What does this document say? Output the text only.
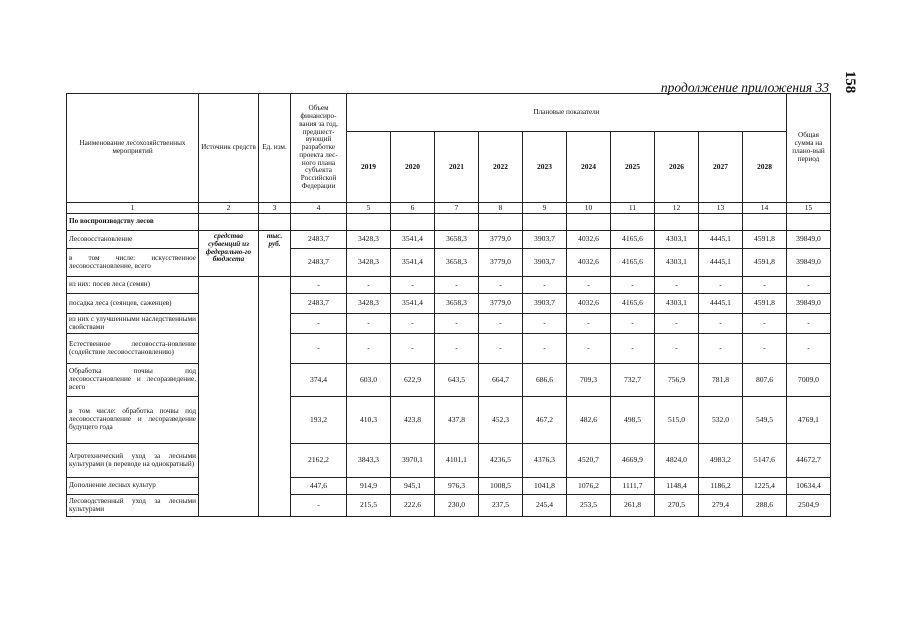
158
продолжение приложения 33
Наименование лесохозяйственных мероприятий	Источник средств	Ед. изм.	Объем финансиро-вания за год, предшест-вующий разработке проекта лес-ного плана субъекта Российской Федерации	Плановые показатели										Общая сумма на плано-вый период
				2019	2020	2021	2022	2023	2024	2025	2026	2027	2028	
1	2	3	4	5	6	7	8	9	10	11	12	13	14	15
По воспроизводству лесов														
Лесовосстановление	средства субвенций из федерально-го бюджета	тыс. руб.	2483,7	3428,3	3541,4	3658,3	3779,0	3903,7	4032,6	4165,6	4303,1	4445,1	4591,8	39849,0
в том числе: искусственное лесовосстановление, всего			2483,7	3428,3	3541,4	3658,3	3779,0	3903,7	4032,6	4165,6	4303,1	4445,1	4591,8	39849,0
из них: посев леса (семян)			-	-	-	-	-	-	-	-	-	-	-	-
посадка леса (сеянцев, саженцев)			2483,7	3428,3	3541,4	3658,3	3779,0	3903,7	4032,6	4165,6	4303,1	4445,1	4591,8	39849,0
из них с улучшенными наследственными свойствами			-	-	-	-	-	-	-	-	-	-	-	-
Естественное лесовосста-новление (содействие лесовосстановлению)			-	-	-	-	-	-	-	-	-	-	-	-
Обработка почвы под лесовосстановление и лесоразведение, всего			374,4	603,0	622,9	643,5	664,7	686,6	709,3	732,7	756,9	781,8	807,6	7009,0
в том числе: обработка почвы под лесовосстановление и лесоразведение будущего года			193,2	410,3	423,8	437,8	452,3	467,2	482,6	498,5	515,0	532,0	549,5	4769,1
Агротехнический уход за лесными культурами (в переводе на однократный)			2162,2	3843,3	3970,1	4101,1	4236,5	4376,3	4520,7	4669,9	4824,0	4983,2	5147,6	44672,7
Дополнение лесных культур			447,6	914,9	945,1	976,3	1008,5	1041,8	1076,2	1111,7	1148,4	1186,2	1225,4	10634,4
Лесоводственный уход за лесными культурами			-	215,5	222,6	230,0	237,5	245,4	253,5	261,8	270,5	279,4	288,6	2504,9
